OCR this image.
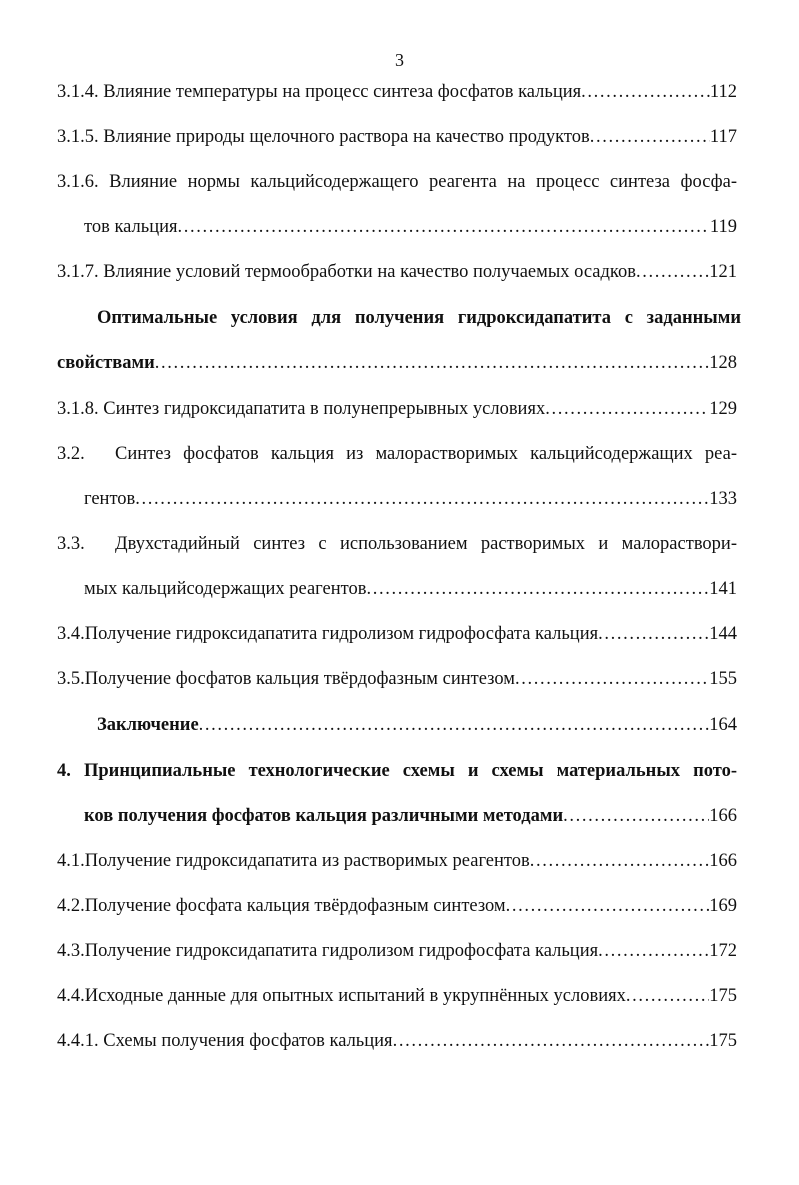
3
3.1.4. Влияние температуры на процесс синтеза фосфатов кальция . . .	112
3.1.5. Влияние природы щелочного раствора на качество продуктов . . .	117
3.1.6. Влияние нормы кальцийсодержащего реагента на процесс синтеза фосфа-
тов кальция . . .	119
3.1.7. Влияние условий термообработки на качество получаемых осадков . . .	121
Оптимальные условия для получения гидроксидапатита с заданными
свойствами . . .	128
3.1.8. Синтез гидроксидапатита в полунепрерывных условиях . . .	129
3.2.	Синтез фосфатов кальция из малорастворимых кальцийсодержащих реа-
гентов . . .	133
3.3.	Двухстадийный синтез с использованием растворимых и малораствори-
мых кальцийсодержащих реагентов . . .	141
3.4. Получение гидроксидапатита гидролизом гидрофосфата кальция . . .	144
3.5. Получение фосфатов кальция твёрдофазным синтезом . . .	155
Заключение . . .	164
4. Принципиальные технологические схемы и схемы материальных пото-
ков получения фосфатов кальция различными методами . . .	166
4.1. Получение гидроксидапатита из растворимых реагентов . . .	166
4.2. Получение фосфата кальция твёрдофазным синтезом . . .	169
4.3. Получение гидроксидапатита гидролизом гидрофосфата кальция . . .	172
4.4. Исходные данные для опытных испытаний в укрупнённых условиях . . .	175
4.4.1. Схемы получения фосфатов кальция . . .	175
